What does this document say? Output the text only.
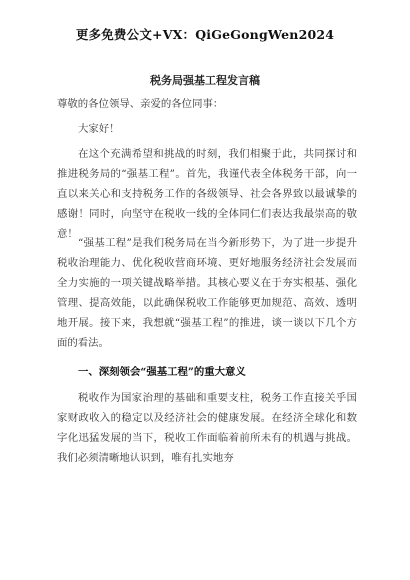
更多免费公文+VX：QiGeGongWen2024
税务局强基工程发言稿
尊敬的各位领导、亲爱的各位同事：
大家好！

在这个充满希望和挑战的时刻，我们相聚于此，共同探讨和推进税务局的“强基工程”。首先，我谨代表全体税务干部，向一直以来关心和支持税务工作的各级领导、社会各界致以最诚挚的感谢！同时，向坚守在税收一线的全体同仁们表达我最崇高的敬意！

“强基工程”是我们税务局在当今新形势下，为了进一步提升税收治理能力、优化税收营商环境、更好地服务经济社会发展而全力实施的一项关键战略举措。其核心要义在于夯实根基、强化管理、提高效能，以此确保税收工作能够更加规范、高效、透明地开展。接下来，我想就“强基工程”的推进，谈一谈以下几个方面的看法。

一、深刻领会“强基工程”的重大意义

税收作为国家治理的基础和重要支柱，税务工作直接关乎国家财政收入的稳定以及经济社会的健康发展。在经济全球化和数字化迅猛发展的当下，税收工作面临着前所未有的机遇与挑战。我们必须清晰地认识到，唯有扎实地夯
